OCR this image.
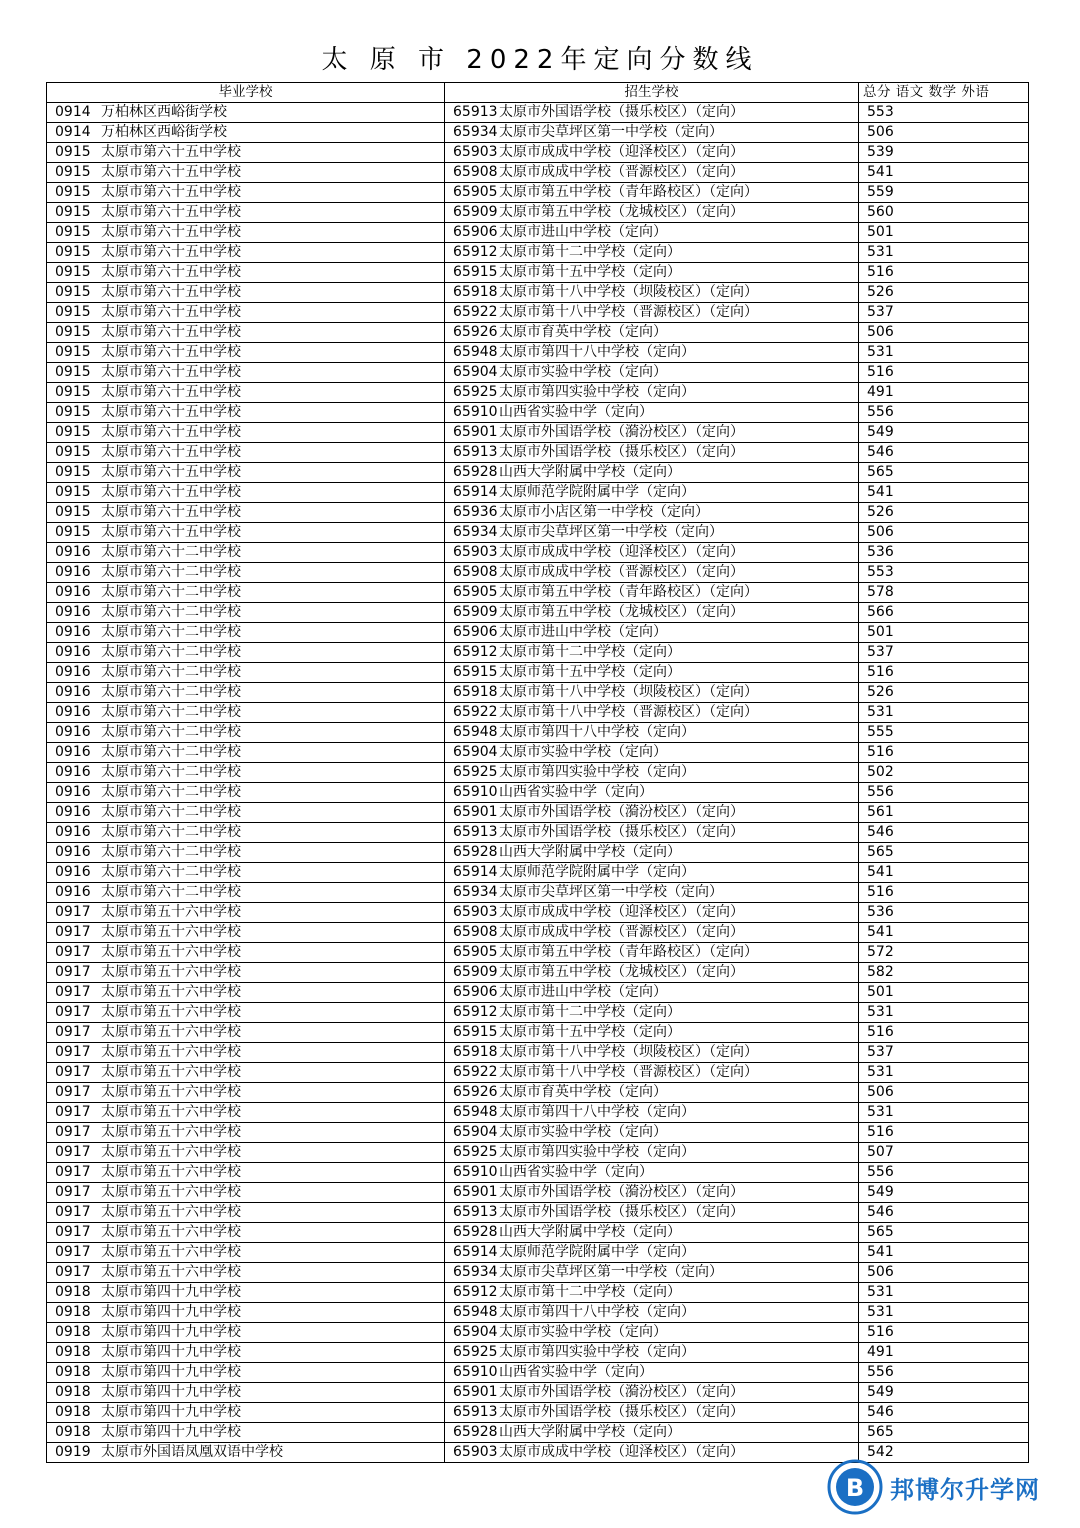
太 原 市 2022年定向分数线
毕业学校	招生学校	总分 语文 数学 外语
0914 万柏林区西峪街学校	65913太原市外国语学校（摄乐校区）（定向）	553
0914 万柏林区西峪街学校	65934太原市尖草坪区第一中学校（定向）	506
0915 太原市第六十五中学校	65903太原市成成中学校（迎泽校区）（定向）	539
0915 太原市第六十五中学校	65908太原市成成中学校（晋源校区）（定向）	541
0915 太原市第六十五中学校	65905太原市第五中学校（青年路校区）（定向）	559
0915 太原市第六十五中学校	65909太原市第五中学校（龙城校区）（定向）	560
0915 太原市第六十五中学校	65906太原市进山中学校（定向）	501
0915 太原市第六十五中学校	65912太原市第十二中学校（定向）	531
0915 太原市第六十五中学校	65915太原市第十五中学校（定向）	516
0915 太原市第六十五中学校	65918太原市第十八中学校（坝陵校区）（定向）	526
0915 太原市第六十五中学校	65922太原市第十八中学校（晋源校区）（定向）	537
0915 太原市第六十五中学校	65926太原市育英中学校（定向）	506
0915 太原市第六十五中学校	65948太原市第四十八中学校（定向）	531
0915 太原市第六十五中学校	65904太原市实验中学校（定向）	516
0915 太原市第六十五中学校	65925太原市第四实验中学校（定向）	491
0915 太原市第六十五中学校	65910山西省实验中学（定向）	556
0915 太原市第六十五中学校	65901太原市外国语学校（漪汾校区）（定向）	549
0915 太原市第六十五中学校	65913太原市外国语学校（摄乐校区）（定向）	546
0915 太原市第六十五中学校	65928山西大学附属中学校（定向）	565
0915 太原市第六十五中学校	65914太原师范学院附属中学（定向）	541
0915 太原市第六十五中学校	65936太原市小店区第一中学校（定向）	526
0915 太原市第六十五中学校	65934太原市尖草坪区第一中学校（定向）	506
0916 太原市第六十二中学校	65903太原市成成中学校（迎泽校区）（定向）	536
0916 太原市第六十二中学校	65908太原市成成中学校（晋源校区）（定向）	553
0916 太原市第六十二中学校	65905太原市第五中学校（青年路校区）（定向）	578
0916 太原市第六十二中学校	65909太原市第五中学校（龙城校区）（定向）	566
0916 太原市第六十二中学校	65906太原市进山中学校（定向）	501
0916 太原市第六十二中学校	65912太原市第十二中学校（定向）	537
0916 太原市第六十二中学校	65915太原市第十五中学校（定向）	516
0916 太原市第六十二中学校	65918太原市第十八中学校（坝陵校区）（定向）	526
0916 太原市第六十二中学校	65922太原市第十八中学校（晋源校区）（定向）	531
0916 太原市第六十二中学校	65948太原市第四十八中学校（定向）	555
0916 太原市第六十二中学校	65904太原市实验中学校（定向）	516
0916 太原市第六十二中学校	65925太原市第四实验中学校（定向）	502
0916 太原市第六十二中学校	65910山西省实验中学（定向）	556
0916 太原市第六十二中学校	65901太原市外国语学校（漪汾校区）（定向）	561
0916 太原市第六十二中学校	65913太原市外国语学校（摄乐校区）（定向）	546
0916 太原市第六十二中学校	65928山西大学附属中学校（定向）	565
0916 太原市第六十二中学校	65914太原师范学院附属中学（定向）	541
0916 太原市第六十二中学校	65934太原市尖草坪区第一中学校（定向）	516
0917 太原市第五十六中学校	65903太原市成成中学校（迎泽校区）（定向）	536
0917 太原市第五十六中学校	65908太原市成成中学校（晋源校区）（定向）	541
0917 太原市第五十六中学校	65905太原市第五中学校（青年路校区）（定向）	572
0917 太原市第五十六中学校	65909太原市第五中学校（龙城校区）（定向）	582
0917 太原市第五十六中学校	65906太原市进山中学校（定向）	501
0917 太原市第五十六中学校	65912太原市第十二中学校（定向）	531
0917 太原市第五十六中学校	65915太原市第十五中学校（定向）	516
0917 太原市第五十六中学校	65918太原市第十八中学校（坝陵校区）（定向）	537
0917 太原市第五十六中学校	65922太原市第十八中学校（晋源校区）（定向）	531
0917 太原市第五十六中学校	65926太原市育英中学校（定向）	506
0917 太原市第五十六中学校	65948太原市第四十八中学校（定向）	531
0917 太原市第五十六中学校	65904太原市实验中学校（定向）	516
0917 太原市第五十六中学校	65925太原市第四实验中学校（定向）	507
0917 太原市第五十六中学校	65910山西省实验中学（定向）	556
0917 太原市第五十六中学校	65901太原市外国语学校（漪汾校区）（定向）	549
0917 太原市第五十六中学校	65913太原市外国语学校（摄乐校区）（定向）	546
0917 太原市第五十六中学校	65928山西大学附属中学校（定向）	565
0917 太原市第五十六中学校	65914太原师范学院附属中学（定向）	541
0917 太原市第五十六中学校	65934太原市尖草坪区第一中学校（定向）	506
0918 太原市第四十九中学校	65912太原市第十二中学校（定向）	531
0918 太原市第四十九中学校	65948太原市第四十八中学校（定向）	531
0918 太原市第四十九中学校	65904太原市实验中学校（定向）	516
0918 太原市第四十九中学校	65925太原市第四实验中学校（定向）	491
0918 太原市第四十九中学校	65910山西省实验中学（定向）	556
0918 太原市第四十九中学校	65901太原市外国语学校（漪汾校区）（定向）	549
0918 太原市第四十九中学校	65913太原市外国语学校（摄乐校区）（定向）	546
0918 太原市第四十九中学校	65928山西大学附属中学校（定向）	565
0919 太原市外国语凤凰双语中学校	65903太原市成成中学校（迎泽校区）（定向）	542
B 邦博尔升学网
